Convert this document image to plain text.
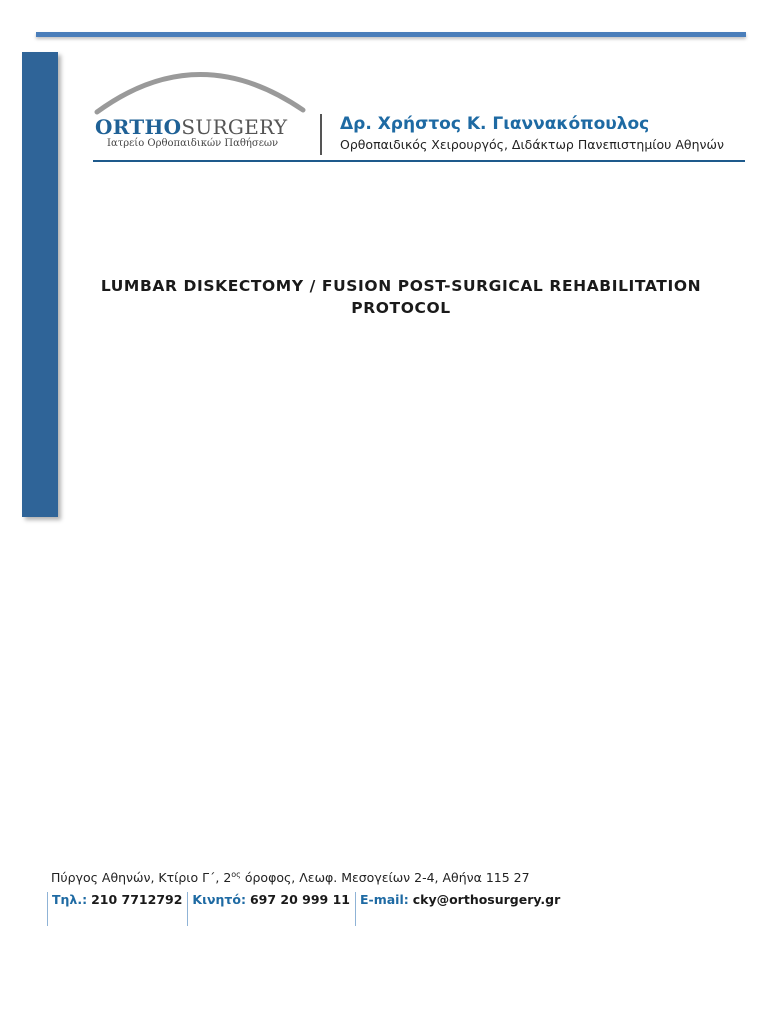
ORTHOSURGERY
Ιατρείο Ορθοπαιδικών Παθήσεων
Δρ. Χρήστος Κ. Γιαννακόπουλος
Ορθοπαιδικός Χειρουργός, Διδάκτωρ Πανεπιστημίου Αθηνών
LUMBAR DISKECTOMY / FUSION POST-SURGICAL REHABILITATION
PROTOCOL
Πύργος Αθηνών, Κτίριο Γ΄, $2^{o\varsigma}$ όροφος, Λεωφ. Μεσογείων 2-4, Αθήνα 115 27
Τηλ.: 210 7712792 Κινητό: 697 20 999 11 E-mail: cky@orthosurgery.gr
